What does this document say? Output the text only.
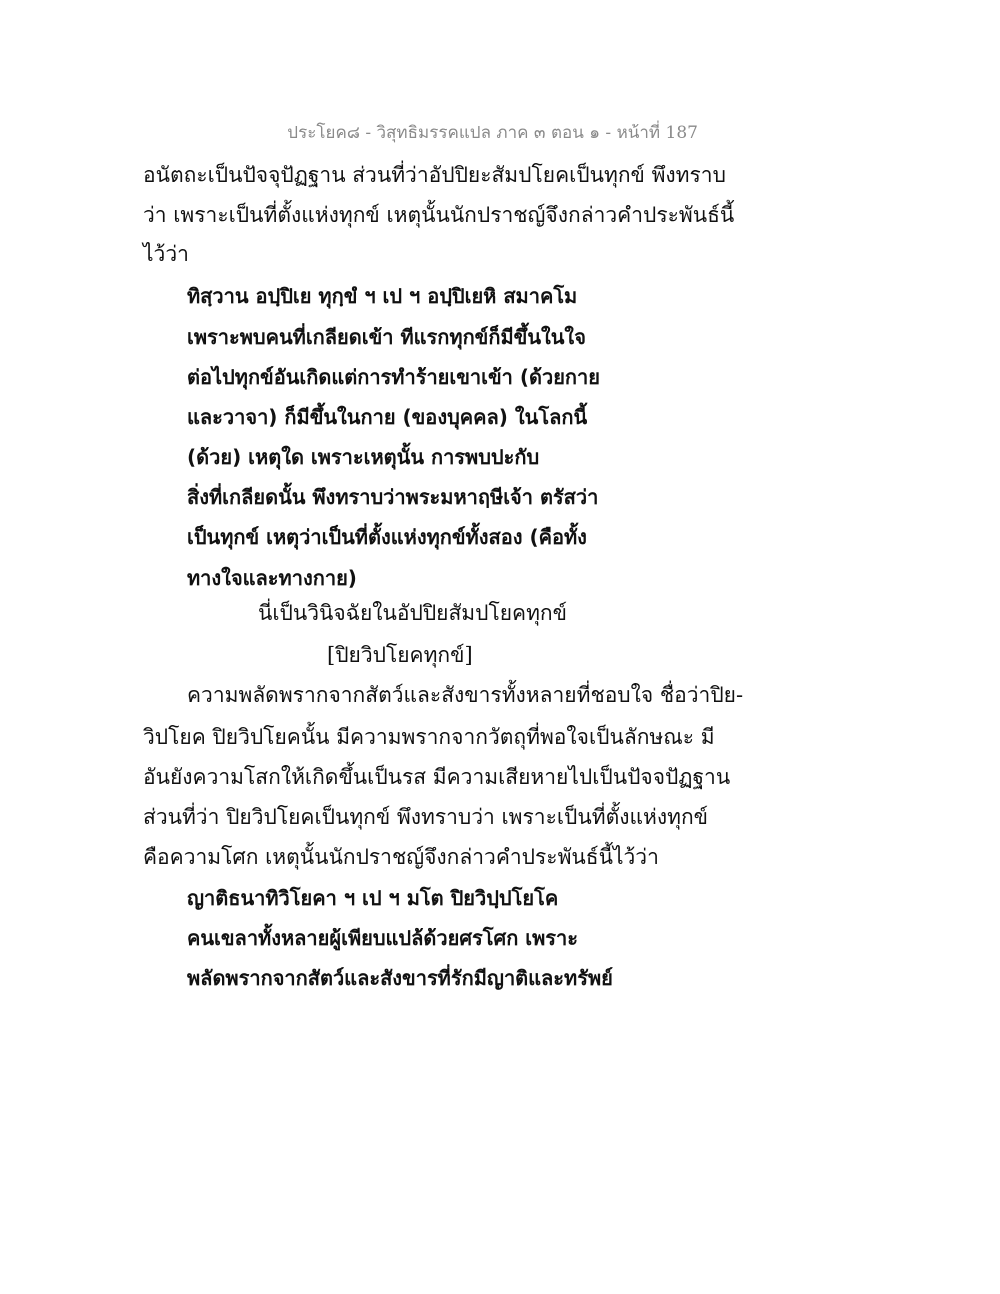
ประโยค๘ - วิสุทธิมรรคแปล ภาค ๓ ตอน ๑ - หน้าที่ 187
อนัตถะเป็นปัจจุปัฏฐาน ส่วนที่ว่าอัปปิยะสัมปโยคเป็นทุกข์ พึงทราบ
ว่า เพราะเป็นที่ตั้งแห่งทุกข์ เหตุนั้นนักปราชญ์จึงกล่าวคำประพันธ์นี้
ไว้ว่า
ทิสฺวาน อปฺปิเย ทุกฺขํ ฯ เป ฯ อปฺปิเยหิ สมาคโม
เพราะพบคนที่เกลียดเข้า ทีแรกทุกข์ก็มีขึ้นในใจ
ต่อไปทุกข์อันเกิดแต่การทำร้ายเขาเข้า (ด้วยกาย
และวาจา) ก็มีขึ้นในกาย (ของบุคคล) ในโลกนี้
(ด้วย) เหตุใด เพราะเหตุนั้น การพบปะกับ
สิ่งที่เกลียดนั้น พึงทราบว่าพระมหาฤษีเจ้า ตรัสว่า
เป็นทุกข์ เหตุว่าเป็นที่ตั้งแห่งทุกข์ทั้งสอง (คือทั้ง
ทางใจและทางกาย)
นี่เป็นวินิจฉัยในอัปปิยสัมปโยคทุกข์
[ปิยวิปโยคทุกข์]
ความพลัดพรากจากสัตว์และสังขารทั้งหลายที่ชอบใจ ชื่อว่าปิย-
วิปโยค ปิยวิปโยคนั้น มีความพรากจากวัตถุที่พอใจเป็นลักษณะ มี
อันยังความโสกให้เกิดขึ้นเป็นรส มีความเสียหายไปเป็นปัจจปัฏฐาน
ส่วนที่ว่า ปิยวิปโยคเป็นทุกข์ พึงทราบว่า เพราะเป็นที่ตั้งแห่งทุกข์
คือความโศก เหตุนั้นนักปราชญ์จึงกล่าวคำประพันธ์นี้ไว้ว่า
ญาติธนาทิวิโยคา ฯ เป ฯ มโต ปิยวิปฺปโยโค
คนเขลาทั้งหลายผู้เพียบแปล้ด้วยศรโศก เพราะ
พลัดพรากจากสัตว์และสังขารที่รักมีญาติและทรัพย์
